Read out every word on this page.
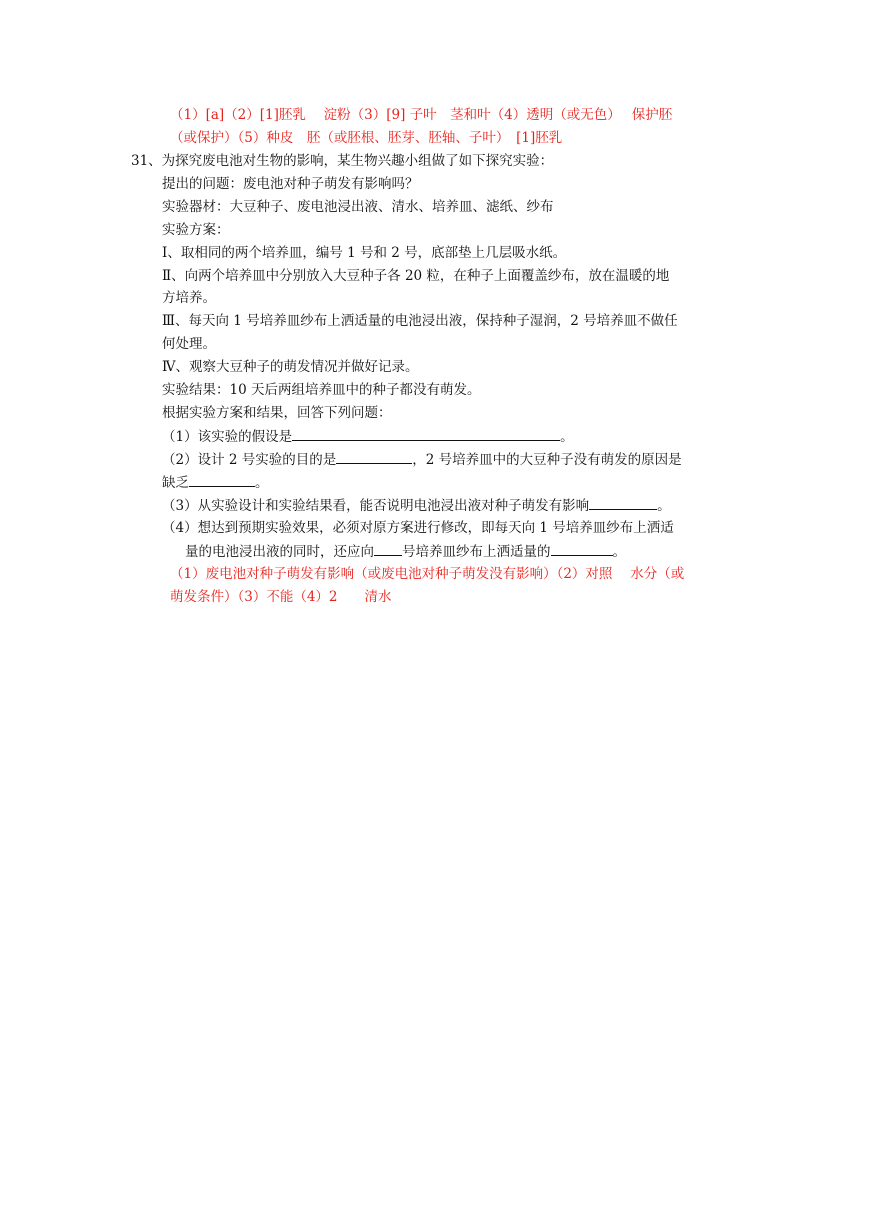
（1）[a]（2）[1]胚乳　 淀粉（3）[9] 子叶　茎和叶（4）透明（或无色）　 保护胚
（或保护）（5）种皮　胚（或胚根、胚芽、胚轴、子叶）　[1]胚乳
31、为探究废电池对生物的影响，某生物兴趣小组做了如下探究实验：
提出的问题：废电池对种子萌发有影响吗？
实验器材：大豆种子、废电池浸出液、清水、培养皿、滤纸、纱布
实验方案：
Ⅰ、取相同的两个培养皿，编号 1 号和 2 号，底部垫上几层吸水纸。
Ⅱ、向两个培养皿中分别放入大豆种子各 20 粒，在种子上面覆盖纱布，放在温暖的地
方培养。
Ⅲ、每天向 1 号培养皿纱布上洒适量的电池浸出液，保持种子湿润，2 号培养皿不做任
何处理。
Ⅳ、观察大豆种子的萌发情况并做好记录。
实验结果：10 天后两组培养皿中的种子都没有萌发。
根据实验方案和结果，回答下列问题：
（1）该实验的假设是	。
（2）设计 2 号实验的目的是	，2 号培养皿中的大豆种子没有萌发的原因是
缺乏	。
（3）从实验设计和实验结果看，能否说明电池浸出液对种子萌发有影响	。
（4）想达到预期实验效果，必须对原方案进行修改，即每天向 1 号培养皿纱布上洒适
量的电池浸出液的同时，还应向 号培养皿纱布上洒适量的	。
（1）废电池对种子萌发有影响（或废电池对种子萌发没有影响）（2）对照　 水分（或
萌发条件）（3）不能（4）2　　清水
